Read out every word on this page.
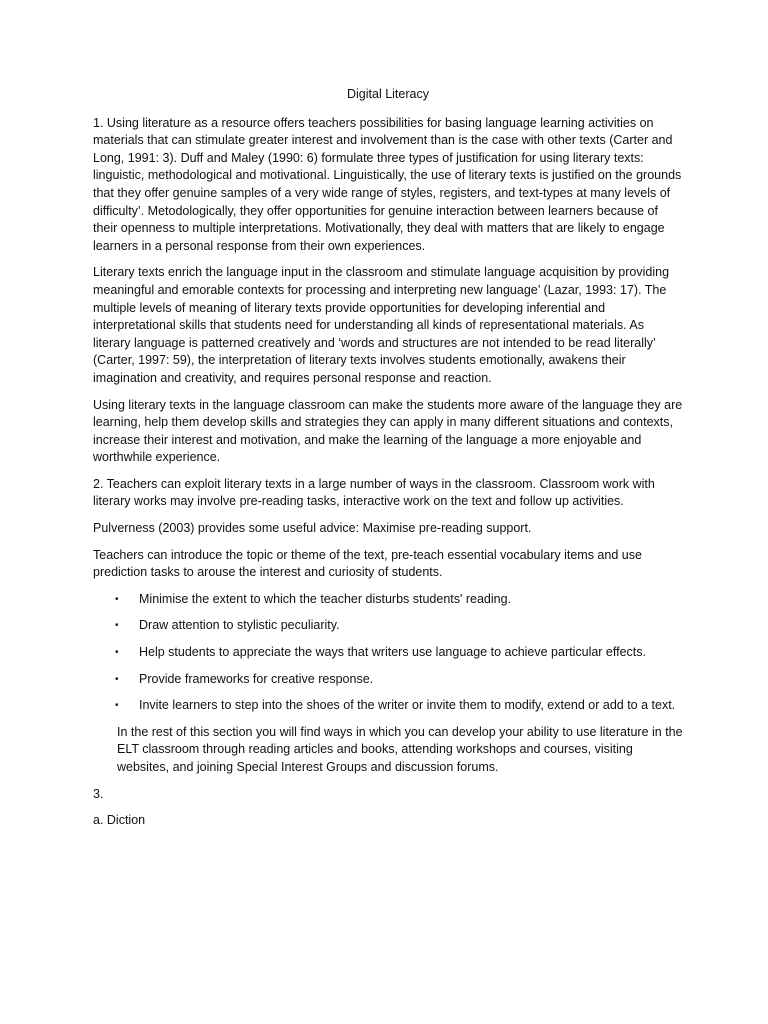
Digital Literacy

1. Using literature as a resource offers teachers possibilities for basing language learning activities on materials that can stimulate greater interest and involvement than is the case with other texts (Carter and Long, 1991: 3). Duff and Maley (1990: 6) formulate three types of justification for using literary texts: linguistic, methodological and motivational. Linguistically, the use of literary texts is justified on the grounds that they offer genuine samples of a very wide range of styles, registers, and text-types at many levels of difficulty’. Metodologically, they offer opportunities for genuine interaction between learners because of their openness to multiple interpretations. Motivationally, they deal with matters that are likely to engage learners in a personal response from their own experiences.

Literary texts enrich the language input in the classroom and stimulate language acquisition by providing meaningful and emorable contexts for processing and interpreting new language’ (Lazar, 1993: 17). The multiple levels of meaning of literary texts provide opportunities for developing inferential and interpretational skills that students need for understanding all kinds of representational materials. As literary language is patterned creatively and ‘words and structures are not intended to be read literally’ (Carter, 1997: 59), the interpretation of literary texts involves students emotionally, awakens their imagination and creativity, and requires personal response and reaction.

Using literary texts in the language classroom can make the students more aware of the language they are learning, help them develop skills and strategies they can apply in many different situations and contexts, increase their interest and motivation, and make the learning of the language a more enjoyable and worthwhile experience.

2. Teachers can exploit literary texts in a large number of ways in the classroom. Classroom work with literary works may involve pre-reading tasks, interactive work on the text and follow up activities.

Pulverness (2003) provides some useful advice: Maximise pre-reading support.

Teachers can introduce the topic or theme of the text, pre-teach essential vocabulary items and use prediction tasks to arouse the interest and curiosity of students.

• Minimise the extent to which the teacher disturbs students' reading.
• Draw attention to stylistic peculiarity.
• Help students to appreciate the ways that writers use language to achieve particular effects.
• Provide frameworks for creative response.
• Invite learners to step into the shoes of the writer or invite them to modify, extend or add to a text.

In the rest of this section you will find ways in which you can develop your ability to use literature in the ELT classroom through reading articles and books, attending workshops and courses, visiting websites, and joining Special Interest Groups and discussion forums.

3.

a. Diction
